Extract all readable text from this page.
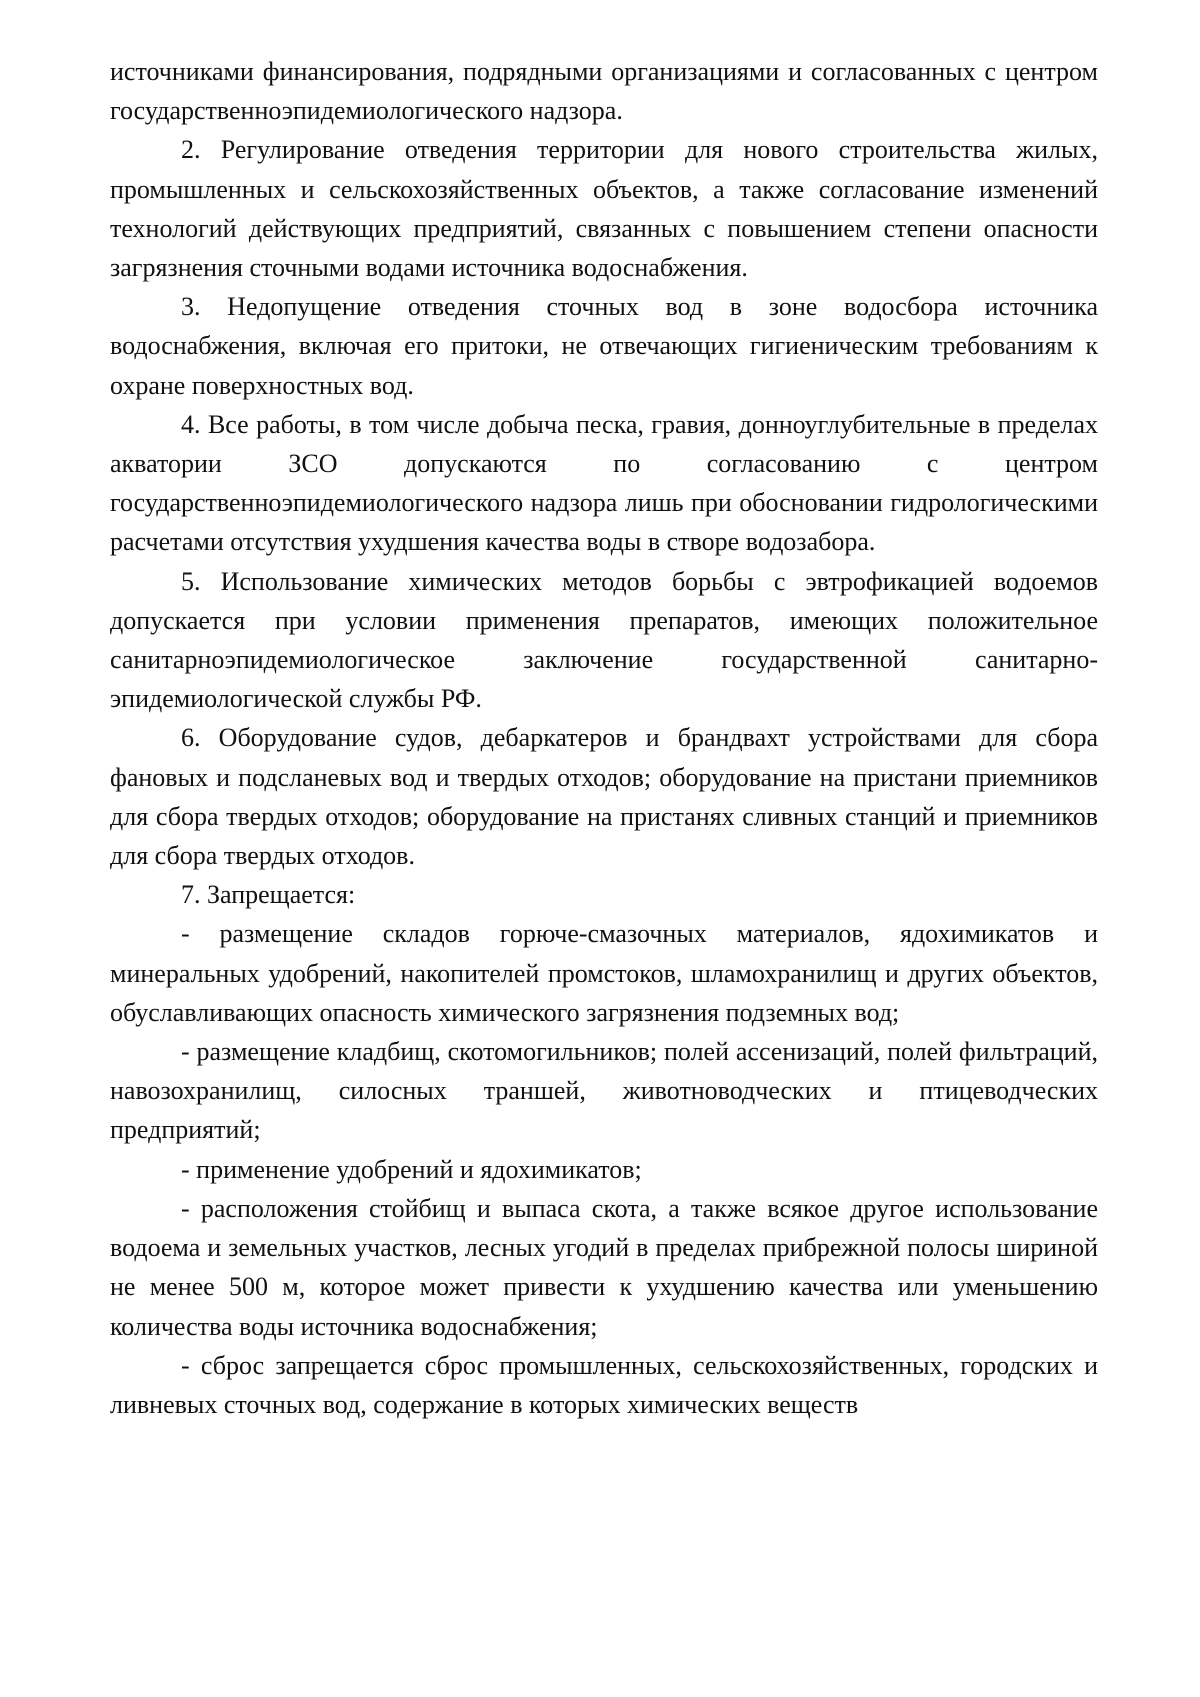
источниками финансирования, подрядными организациями и согласованных с центром государственноэпидемиологического надзора.

2. Регулирование отведения территории для нового строительства жилых, промышленных и сельскохозяйственных объектов, а также согласование изменений технологий действующих предприятий, связанных с повышением степени опасности загрязнения сточными водами источника водоснабжения.

3. Недопущение отведения сточных вод в зоне водосбора источника водоснабжения, включая его притоки, не отвечающих гигиеническим требованиям к охране поверхностных вод.

4. Все работы, в том числе добыча песка, гравия, донноуглубительные в пределах акватории ЗСО допускаются по согласованию с центром государственноэпидемиологического надзора лишь при обосновании гидрологическими расчетами отсутствия ухудшения качества воды в створе водозабора.

5. Использование химических методов борьбы с эвтрофикацией водоемов допускается при условии применения препаратов, имеющих положительное санитарноэпидемиологическое заключение государственной санитарно-эпидемиологической службы РФ.

6. Оборудование судов, дебаркатеров и брандвахт устройствами для сбора фановых и подсланевых вод и твердых отходов; оборудование на пристани приемников для сбора твердых отходов; оборудование на пристанях сливных станций и приемников для сбора твердых отходов.

7. Запрещается:

- размещение складов горюче-смазочных материалов, ядохимикатов и минеральных удобрений, накопителей промстоков, шламохранилищ и других объектов, обуславливающих опасность химического загрязнения подземных вод;

- размещение кладбищ, скотомогильников; полей ассенизаций, полей фильтраций, навозохранилищ, силосных траншей, животноводческих и птицеводческих предприятий;

- применение удобрений и ядохимикатов;

- расположения стойбищ и выпаса скота, а также всякое другое использование водоема и земельных участков, лесных угодий в пределах прибрежной полосы шириной не менее 500 м, которое может привести к ухудшению качества или уменьшению количества воды источника водоснабжения;

- сброс запрещается сброс промышленных, сельскохозяйственных, городских и ливневых сточных вод, содержание в которых химических веществ
